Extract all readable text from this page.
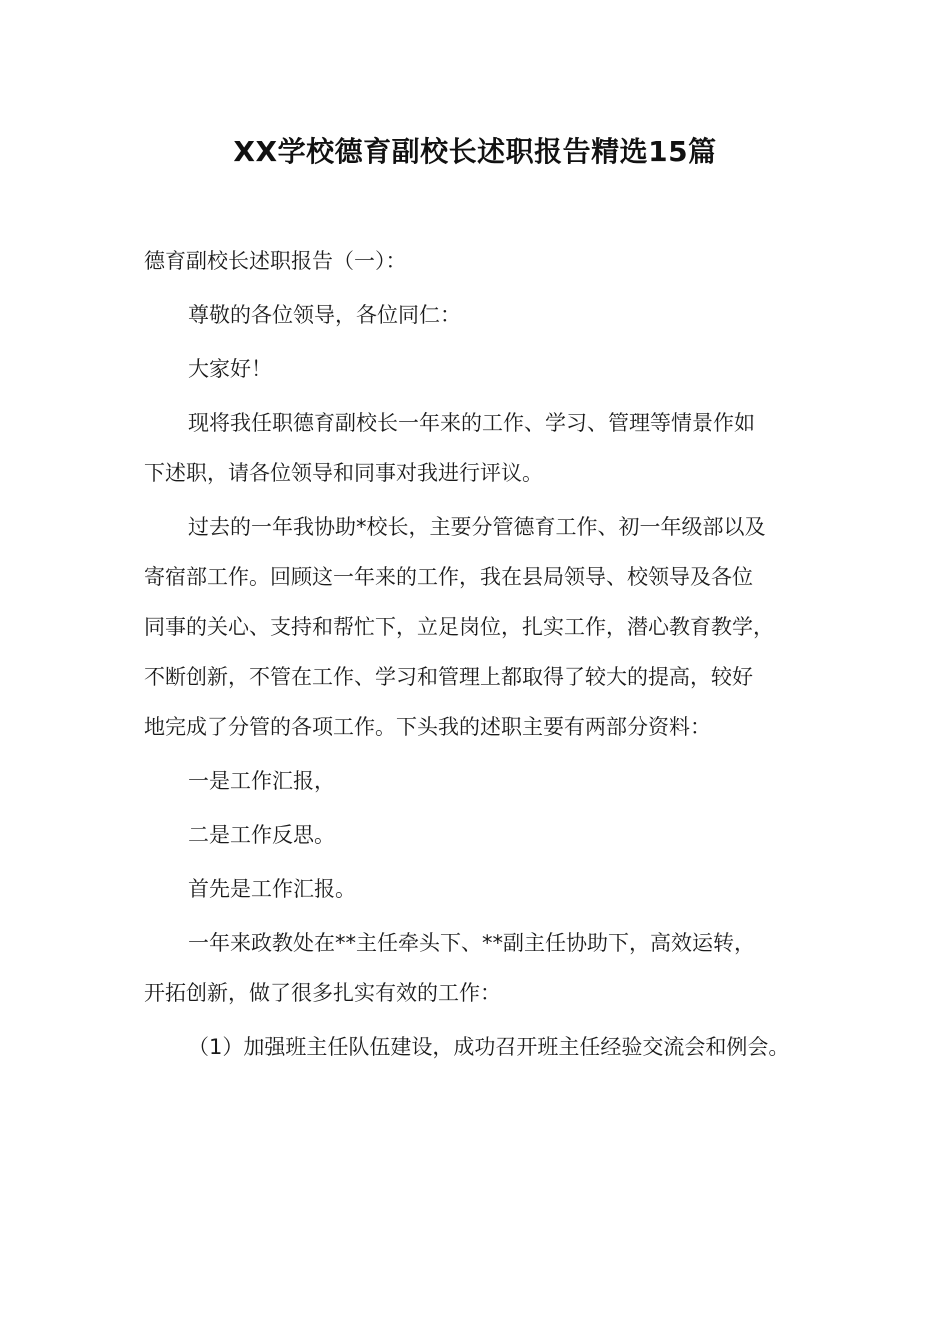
XX学校德育副校长述职报告精选15篇
德育副校长述职报告（一）：
尊敬的各位领导，各位同仁：
大家好！
现将我任职德育副校长一年来的工作、学习、管理等情景作如
下述职，请各位领导和同事对我进行评议。
过去的一年我协助*校长，主要分管德育工作、初一年级部以及
寄宿部工作。回顾这一年来的工作，我在县局领导、校领导及各位
同事的关心、支持和帮忙下，立足岗位，扎实工作，潜心教育教学，
不断创新，不管在工作、学习和管理上都取得了较大的提高，较好
地完成了分管的各项工作。下头我的述职主要有两部分资料：
一是工作汇报，
二是工作反思。
首先是工作汇报。
一年来政教处在**主任牵头下、**副主任协助下，高效运转，
开拓创新，做了很多扎实有效的工作：
（1）加强班主任队伍建设，成功召开班主任经验交流会和例会。
